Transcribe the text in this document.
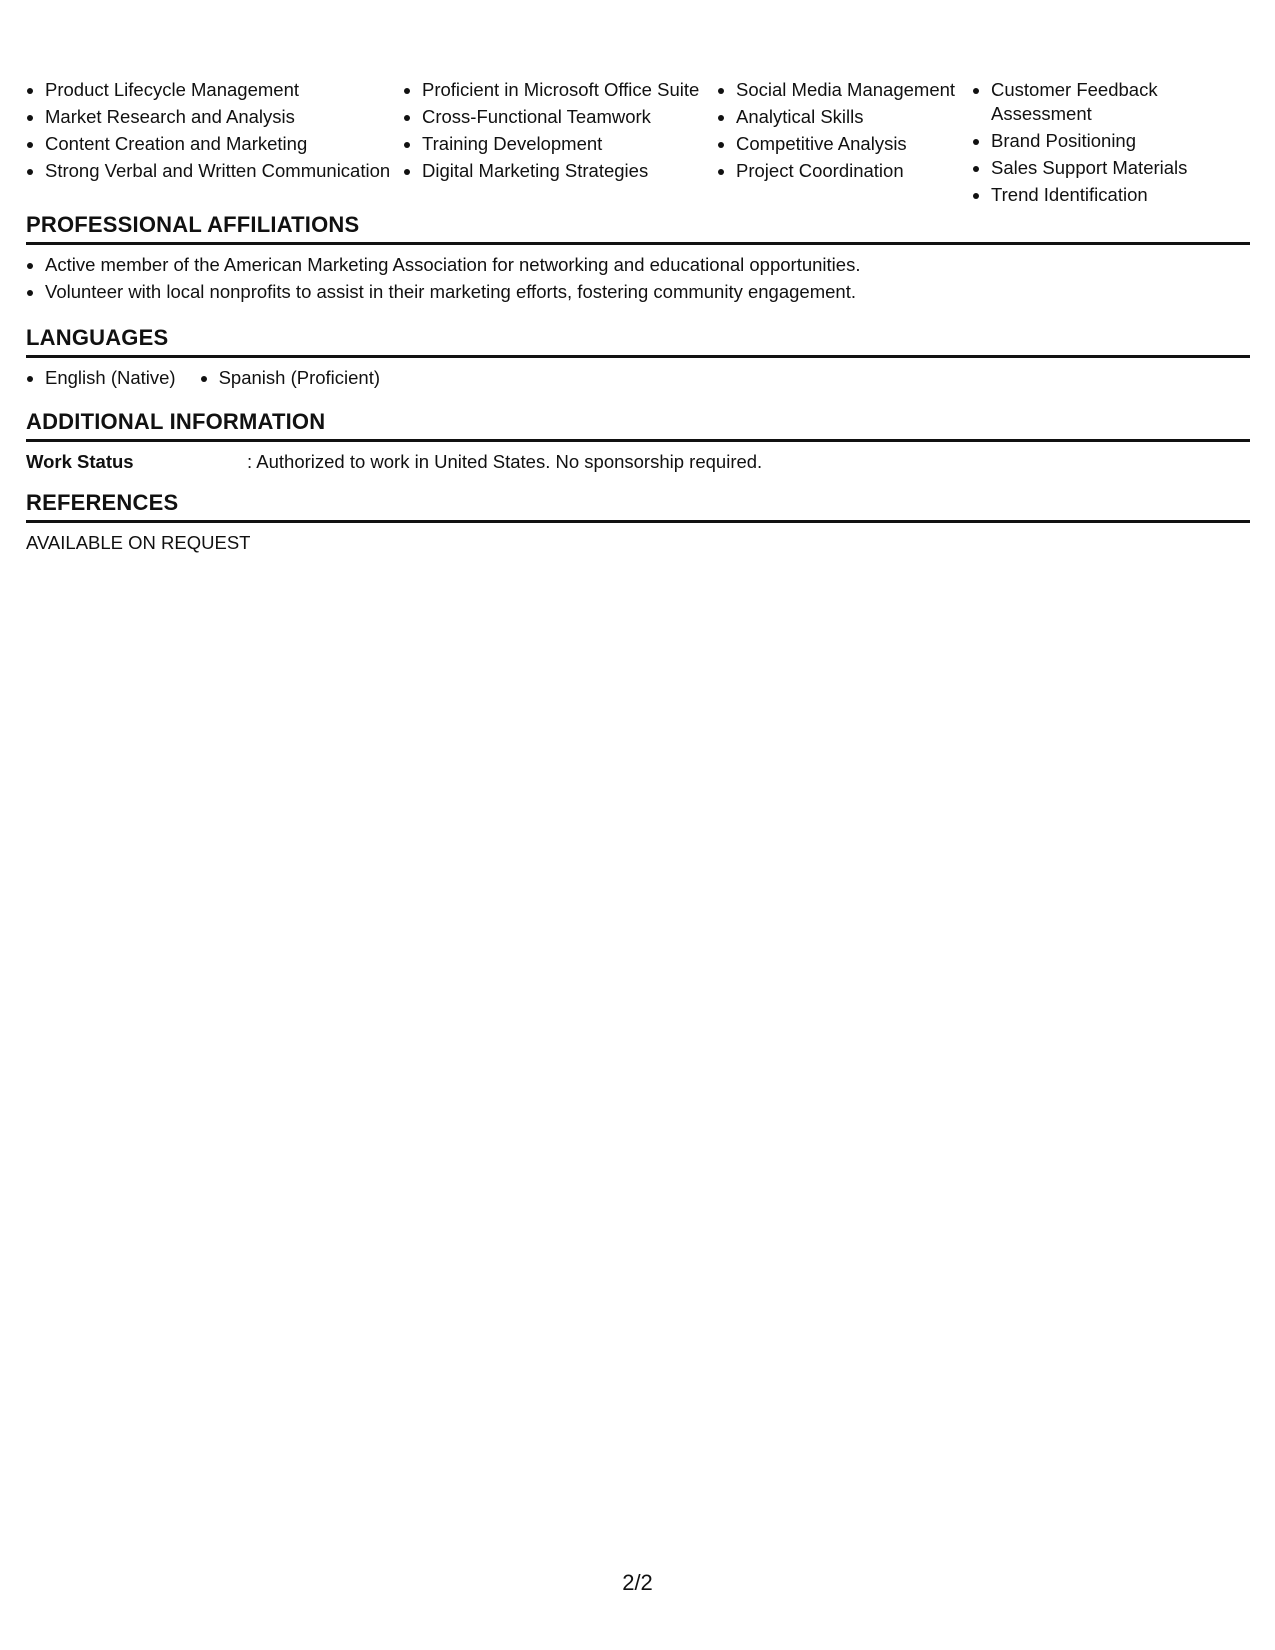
Product Lifecycle Management
Market Research and Analysis
Content Creation and Marketing
Strong Verbal and Written Communication
Proficient in Microsoft Office Suite
Cross-Functional Teamwork
Training Development
Digital Marketing Strategies
Social Media Management
Analytical Skills
Competitive Analysis
Project Coordination
Customer Feedback Assessment
Brand Positioning
Sales Support Materials
Trend Identification
PROFESSIONAL AFFILIATIONS
Active member of the American Marketing Association for networking and educational opportunities.
Volunteer with local nonprofits to assist in their marketing efforts, fostering community engagement.
LANGUAGES
English (Native)	Spanish (Proficient)
ADDITIONAL INFORMATION
Work Status	: Authorized to work in United States. No sponsorship required.
REFERENCES
AVAILABLE ON REQUEST
2/2
